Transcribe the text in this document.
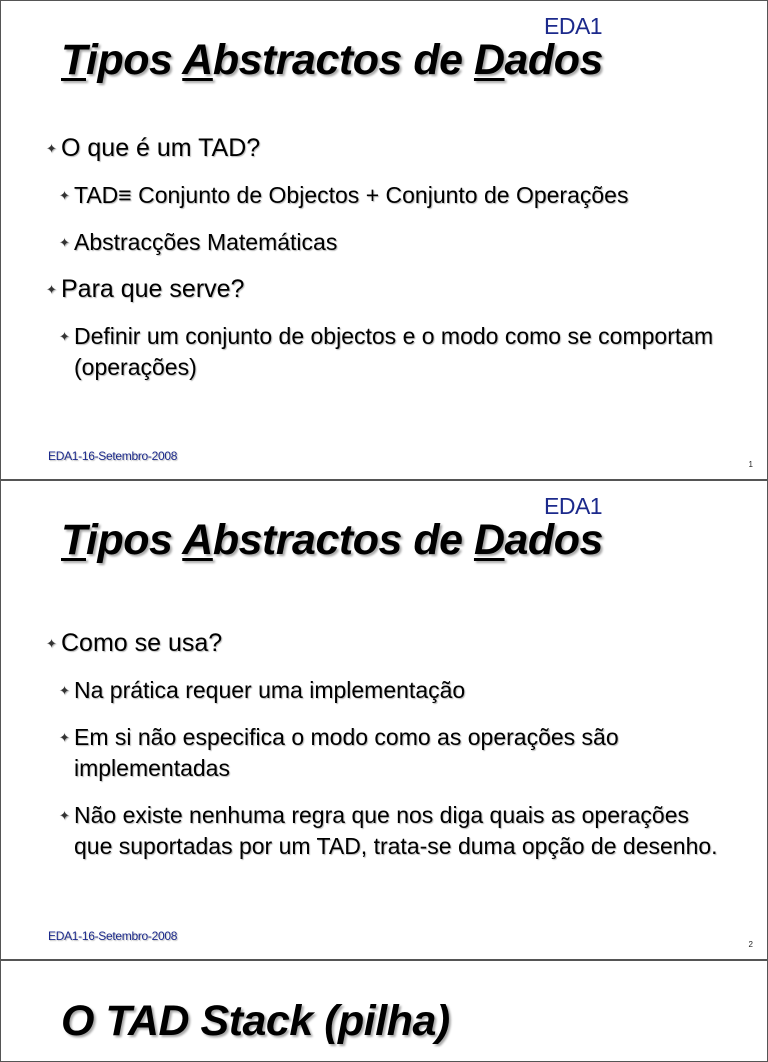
EDA1
Tipos Abstractos de Dados
✦ O que é um TAD?
✦ TAD≡ Conjunto de Objectos + Conjunto de Operações
✦ Abstracções Matemáticas
✦ Para que serve?
✦ Definir um conjunto de objectos e o modo como se comportam (operações)
EDA1-16-Setembro-2008
1
EDA1
Tipos Abstractos de Dados
✦ Como se usa?
✦ Na prática requer uma implementação
✦ Em si não especifica o modo como as operações são implementadas
✦ Não existe nenhuma regra que nos diga quais as operações que suportadas por um TAD, trata-se duma opção de desenho.
EDA1-16-Setembro-2008
2
O TAD Stack (pilha)
